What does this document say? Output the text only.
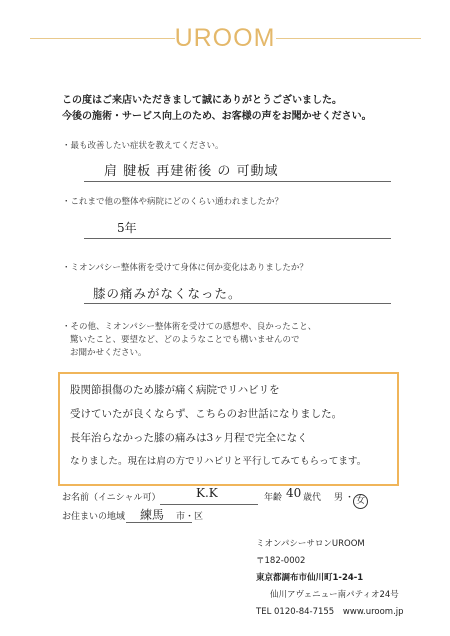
UROOM
この度はご来店いただきまして誠にありがとうございました。
今後の施術・サービス向上のため、お客様の声をお聞かせください。
・最も改善したい症状を教えてください。
肩 腱板 再建術後 の 可動域
・これまで他の整体や病院にどのくらい通われましたか？
5年
・ミオンパシー整体術を受けて身体に何か変化はありましたか？
膝の痛みがなくなった。
・その他、ミオンパシー整体術を受けての感想や、良かったこと、
驚いたこと、要望など、どのようなことでも構いませんので
お聞かせください。
股関節損傷のため膝が痛く病院でリハビリを
受けていたが良くならず、こちらのお世話になりました。
長年治らなかった膝の痛みは3ヶ月程で完全になく
なりました。現在は肩の方でリハビリと平行してみてもらってます。
お名前（イニシャル可）	K.K	年齢 40 歳代 男 ・ 女
お住まいの地域 練馬 市・区
ミオンパシーサロンUROOM
〒182-0002
東京都調布市仙川町1-24-1
仙川アヴェニュー南パティオ24号
TEL 0120-84-7155 www.uroom.jp
